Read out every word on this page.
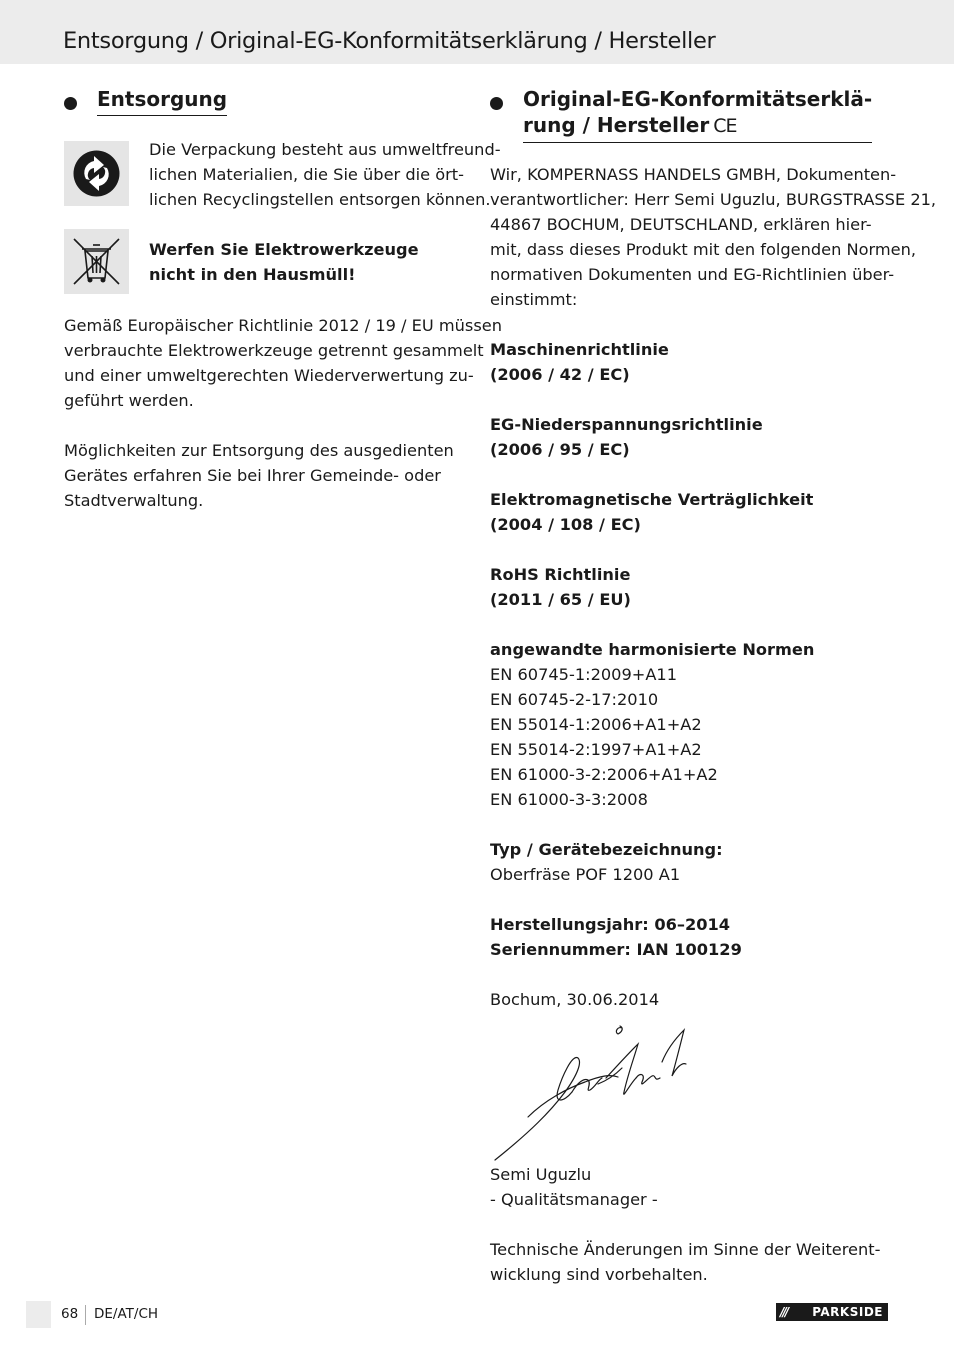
Entsorgung / Original-EG-Konformitätserklärung / Hersteller
Entsorgung
Die Verpackung besteht aus umweltfreund-
lichen Materialien, die Sie über die ört-
lichen Recyclingstellen entsorgen können.
Werfen Sie Elektrowerkzeuge
nicht in den Hausmüll!
Gemäß Europäischer Richtlinie 2012 / 19 / EU müssen
verbrauchte Elektrowerkzeuge getrennt gesammelt
und einer umweltgerechten Wiederverwertung zu-
geführt werden.
Möglichkeiten zur Entsorgung des ausgedienten
Gerätes erfahren Sie bei Ihrer Gemeinde- oder
Stadtverwaltung.
Original-EG-Konformitätserklä-
rung / Hersteller CE
Wir, KOMPERNASS HANDELS GMBH, Dokumenten-
verantwortlicher: Herr Semi Uguzlu, BURGSTRASSE 21,
44867 BOCHUM, DEUTSCHLAND, erklären hier-
mit, dass dieses Produkt mit den folgenden Normen,
normativen Dokumenten und EG-Richtlinien über-
einstimmt:
Maschinenrichtlinie
(2006 / 42 / EC)
EG-Niederspannungsrichtlinie
(2006 / 95 / EC)
Elektromagnetische Verträglichkeit
(2004 / 108 / EC)
RoHS Richtlinie
(2011 / 65 / EU)
angewandte harmonisierte Normen
EN 60745-1:2009+A11
EN 60745-2-17:2010
EN 55014-1:2006+A1+A2
EN 55014-2:1997+A1+A2
EN 61000-3-2:2006+A1+A2
EN 61000-3-3:2008
Typ / Gerätebezeichnung:
Oberfräse POF 1200 A1
Herstellungsjahr: 06–2014
Seriennummer: IAN 100129
Bochum, 30.06.2014
Semi Uguzlu
- Qualitätsmanager -
Technische Änderungen im Sinne der Weiterent-
wicklung sind vorbehalten.
68 DE/AT/CH	/// PARKSIDE
